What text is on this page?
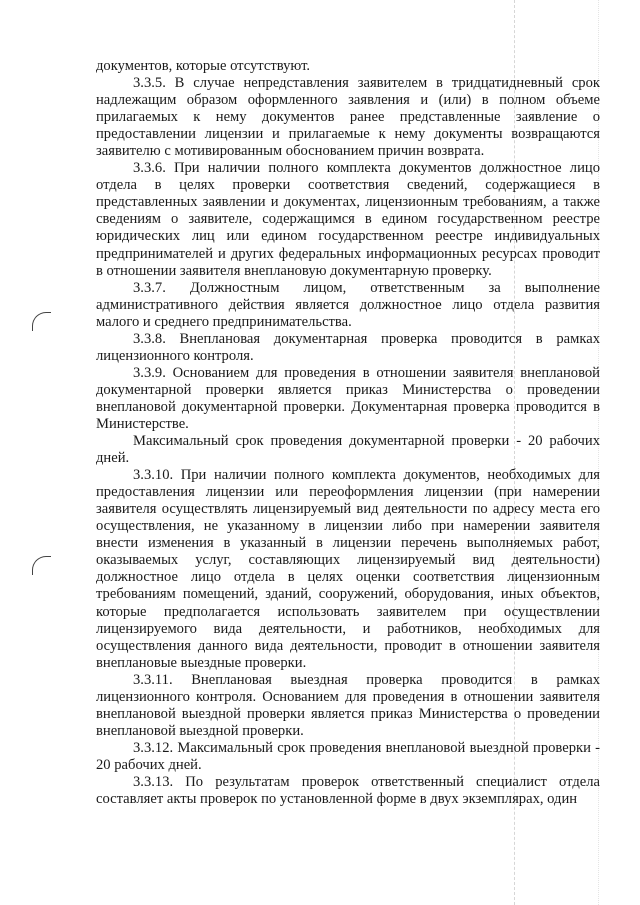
документов, которые отсутствуют.

3.3.5. В случае непредставления заявителем в тридцатидневный срок надлежащим образом оформленного заявления и (или) в полном объеме прилагаемых к нему документов ранее представленные заявление о предоставлении лицензии и прилагаемые к нему документы возвращаются заявителю с мотивированным обоснованием причин возврата.

3.3.6. При наличии полного комплекта документов должностное лицо отдела в целях проверки соответствия сведений, содержащиеся в представленных заявлении и документах, лицензионным требованиям, а также сведениям о заявителе, содержащимся в едином государственном реестре юридических лиц или едином государственном реестре индивидуальных предпринимателей и других федеральных информационных ресурсах проводит в отношении заявителя внеплановую документарную проверку.

3.3.7. Должностным лицом, ответственным за выполнение административного действия является должностное лицо отдела развития малого и среднего предпринимательства.

3.3.8. Внеплановая документарная проверка проводится в рамках лицензионного контроля.

3.3.9. Основанием для проведения в отношении заявителя внеплановой документарной проверки является приказ Министерства о проведении внеплановой документарной проверки. Документарная проверка проводится в Министерстве.

Максимальный срок проведения документарной проверки - 20 рабочих дней.

3.3.10. При наличии полного комплекта документов, необходимых для предоставления лицензии или переоформления лицензии (при намерении заявителя осуществлять лицензируемый вид деятельности по адресу места его осуществления, не указанному в лицензии либо при намерении заявителя внести изменения в указанный в лицензии перечень выполняемых работ, оказываемых услуг, составляющих лицензируемый вид деятельности) должностное лицо отдела в целях оценки соответствия лицензионным требованиям помещений, зданий, сооружений, оборудования, иных объектов, которые предполагается использовать заявителем при осуществлении лицензируемого вида деятельности, и работников, необходимых для осуществления данного вида деятельности, проводит в отношении заявителя внеплановые выездные проверки.

3.3.11. Внеплановая выездная проверка проводится в рамках лицензионного контроля. Основанием для проведения в отношении заявителя внеплановой выездной проверки является приказ Министерства о проведении внеплановой выездной проверки.

3.3.12. Максимальный срок проведения внеплановой выездной проверки - 20 рабочих дней.

3.3.13. По результатам проверок ответственный специалист отдела составляет акты проверок по установленной форме в двух экземплярах, один
